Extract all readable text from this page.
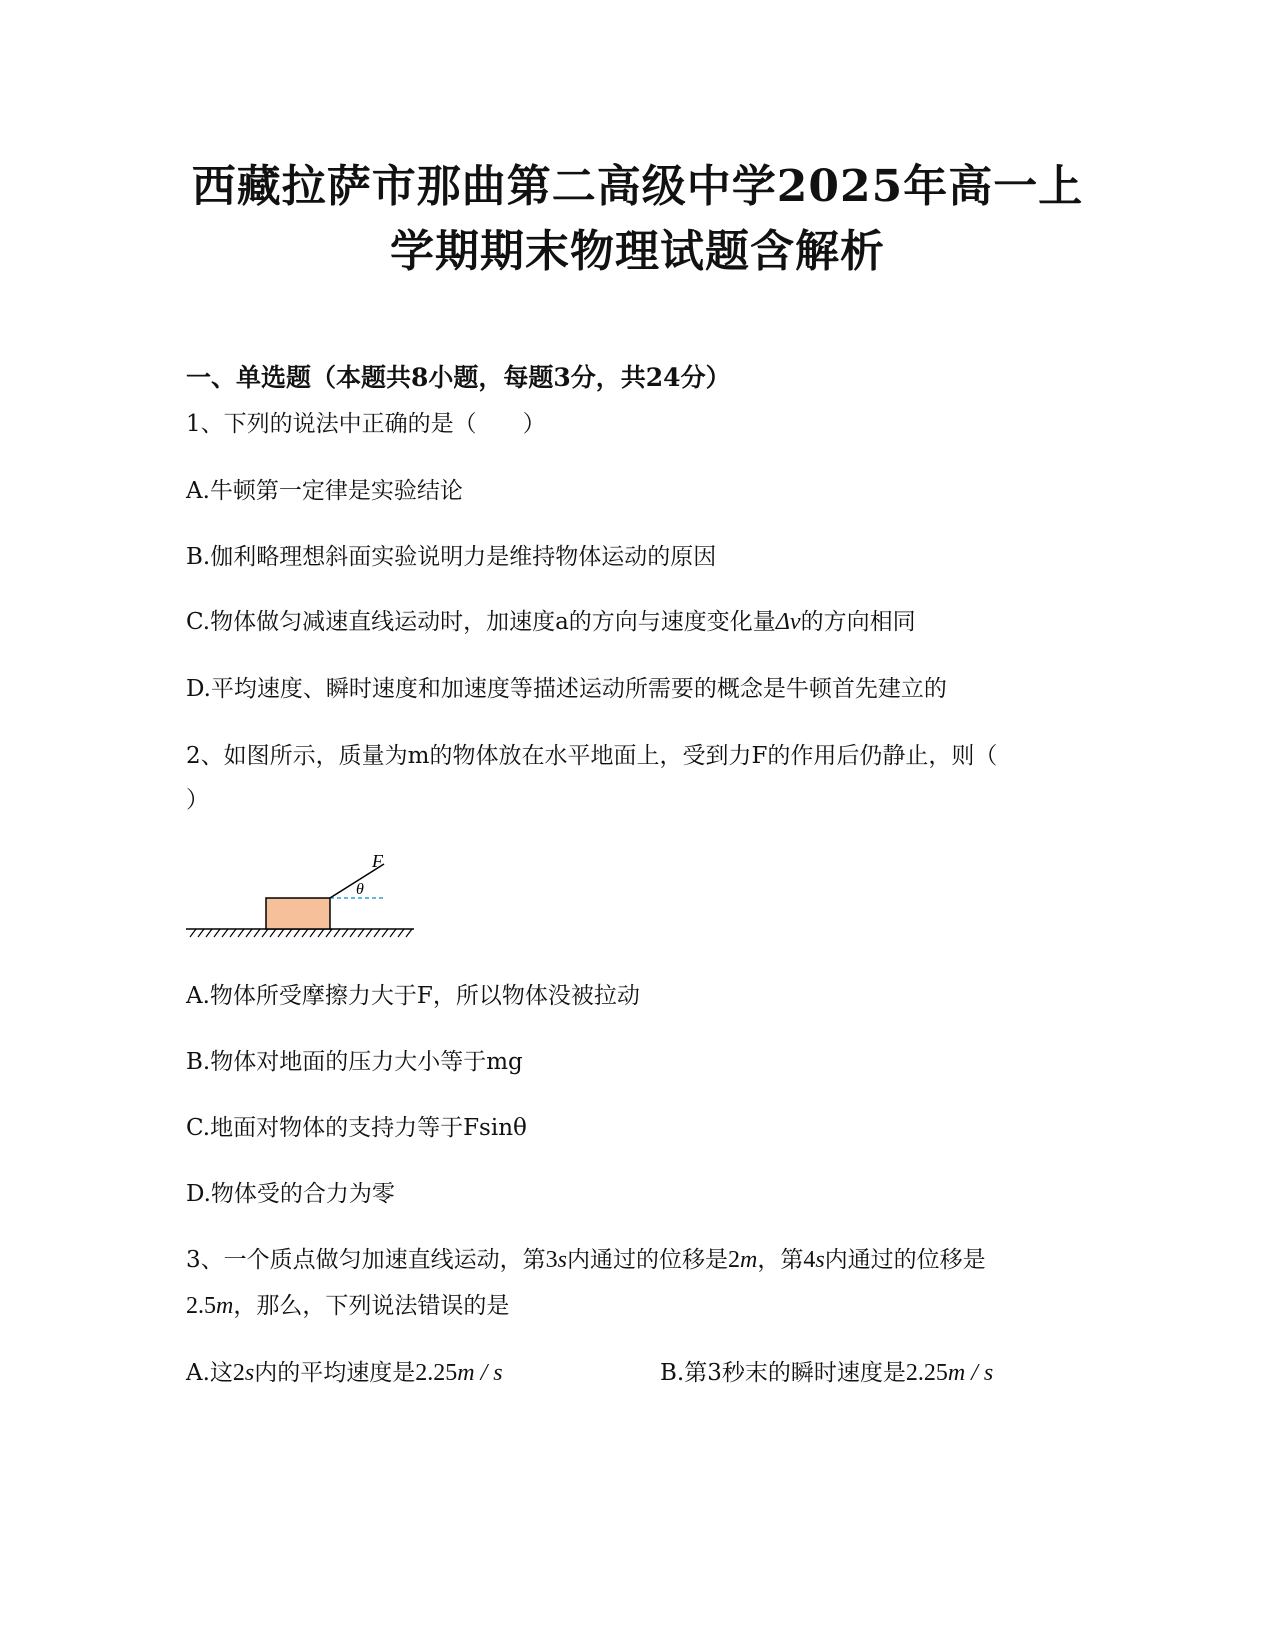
西藏拉萨市那曲第二高级中学2025年高一上
学期期末物理试题含解析
一、单选题（本题共8小题，每题3分，共24分）
1、下列的说法中正确的是（　　）
A.牛顿第一定律是实验结论
B.伽利略理想斜面实验说明力是维持物体运动的原因
C.物体做匀减速直线运动时，加速度a的方向与速度变化量Δv的方向相同
D.平均速度、瞬时速度和加速度等描述运动所需要的概念是牛顿首先建立的
2、如图所示，质量为m的物体放在水平地面上，受到力F的作用后仍静止，则（
）
F
θ
A.物体所受摩擦力大于F，所以物体没被拉动
B.物体对地面的压力大小等于mg
C.地面对物体的支持力等于Fsinθ
D.物体受的合力为零
3、一个质点做匀加速直线运动，第3s内通过的位移是2m，第4s内通过的位移是
2.5m，那么，下列说法错误的是
A.这2s内的平均速度是2.25m / s	B.第3秒末的瞬时速度是2.25m / s
